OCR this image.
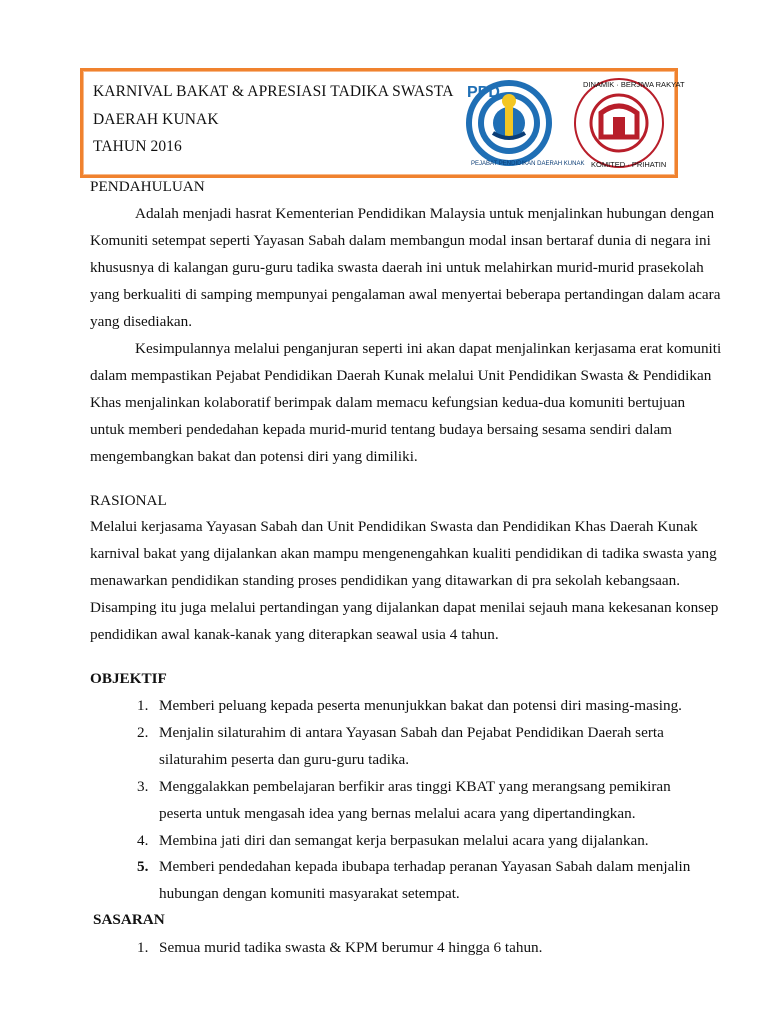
KARNIVAL BAKAT & APRESIASI TADIKA SWASTA
DAERAH KUNAK
TAHUN 2016
PPD
PEJABAT PENDIDIKAN DAERAH KUNAK
DINAMIK · BERJIWA RAKYAT
KOMITED · PRIHATIN
PENDAHULUAN
Adalah menjadi hasrat Kementerian Pendidikan Malaysia untuk menjalinkan hubungan dengan
Komuniti setempat seperti Yayasan Sabah dalam membangun modal insan bertaraf dunia di negara ini
khususnya di kalangan guru-guru tadika swasta daerah ini untuk melahirkan murid-murid prasekolah
yang berkualiti di samping mempunyai pengalaman awal menyertai beberapa pertandingan dalam acara
yang disediakan.
Kesimpulannya melalui penganjuran seperti ini akan dapat menjalinkan kerjasama erat komuniti
dalam mempastikan Pejabat Pendidikan Daerah Kunak melalui Unit Pendidikan Swasta & Pendidikan
Khas menjalinkan kolaboratif berimpak dalam memacu kefungsian kedua-dua komuniti bertujuan
untuk memberi pendedahan kepada murid-murid tentang budaya bersaing sesama sendiri dalam
mengembangkan bakat dan potensi diri yang dimiliki.
RASIONAL
Melalui kerjasama Yayasan Sabah dan Unit Pendidikan Swasta dan Pendidikan Khas Daerah Kunak
karnival bakat yang dijalankan akan mampu mengenengahkan kualiti pendidikan di tadika swasta yang
menawarkan pendidikan standing proses pendidikan yang ditawarkan di pra sekolah kebangsaan.
Disamping itu juga melalui pertandingan yang dijalankan dapat menilai sejauh mana kekesanan konsep
pendidikan awal kanak-kanak yang diterapkan seawal usia 4 tahun.
OBJEKTIF
1. Memberi peluang kepada peserta menunjukkan bakat dan potensi diri masing-masing.
2. Menjalin silaturahim di antara Yayasan Sabah dan Pejabat Pendidikan Daerah serta
silaturahim peserta dan guru-guru tadika.
3. Menggalakkan pembelajaran berfikir aras tinggi KBAT yang merangsang pemikiran
peserta untuk mengasah idea yang bernas melalui acara yang dipertandingkan.
4. Membina jati diri dan semangat kerja berpasukan melalui acara yang dijalankan.
5. Memberi pendedahan kepada ibubapa terhadap peranan Yayasan Sabah dalam menjalin
hubungan dengan komuniti masyarakat setempat.
SASARAN
1. Semua murid tadika swasta & KPM berumur 4 hingga 6 tahun.
